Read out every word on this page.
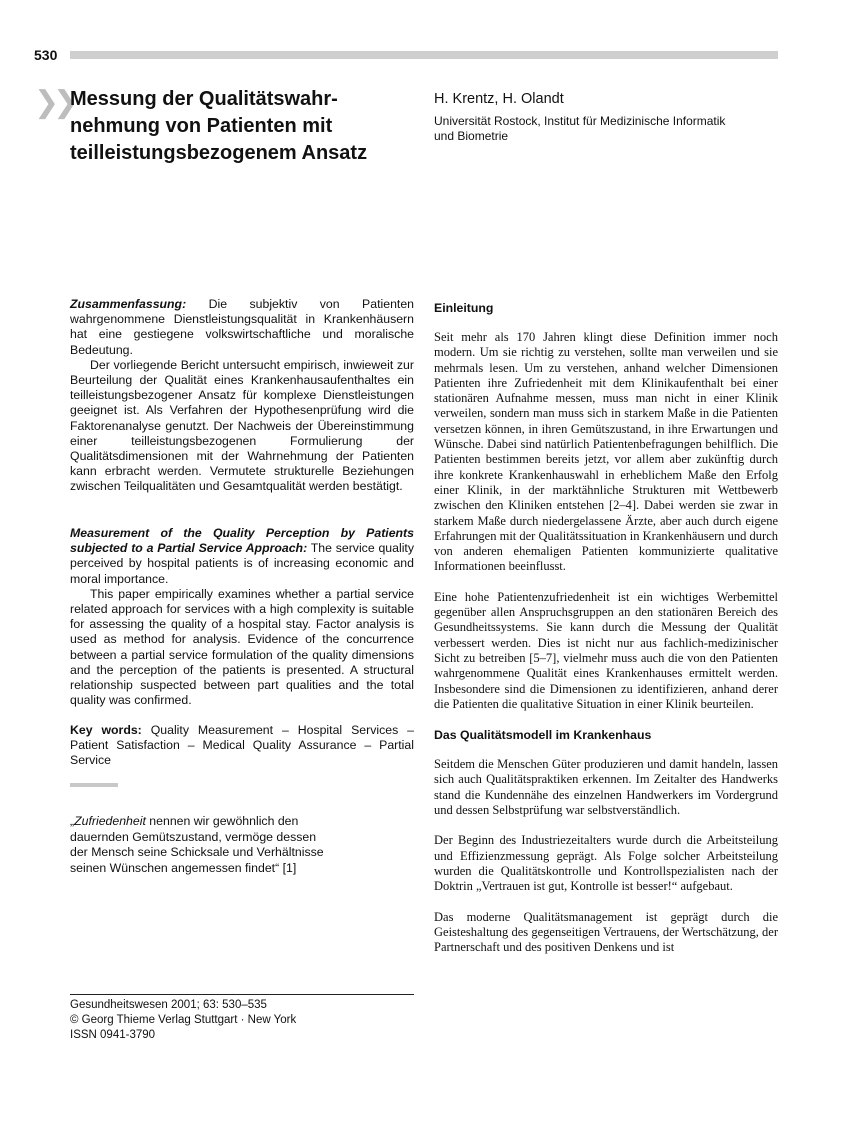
530
❯❯
Messung der Qualitätswahr-
nehmung von Patienten mit
teilleistungsbezogenem Ansatz
H. Krentz, H. Olandt
Universität Rostock, Institut für Medizinische Informatik
und Biometrie

Zusammenfassung: Die subjektiv von Patienten wahrgenommene Dienstleistungsqualität in Krankenhäusern hat eine gestiegene volkswirtschaftliche und moralische Bedeutung.

Der vorliegende Bericht untersucht empirisch, inwieweit zur Beurteilung der Qualität eines Krankenhausaufenthaltes ein teilleistungsbezogener Ansatz für komplexe Dienstleistungen geeignet ist. Als Verfahren der Hypothesenprüfung wird die Faktorenanalyse genutzt. Der Nachweis der Übereinstimmung einer teilleistungsbezogenen Formulierung der Qualitätsdimensionen mit der Wahrnehmung der Patienten kann erbracht werden. Vermutete strukturelle Beziehungen zwischen Teilqualitäten und Gesamtqualität werden bestätigt.

Measurement of the Quality Perception by Patients subjected to a Partial Service Approach: The service quality perceived by hospital patients is of increasing economic and moral importance.

This paper empirically examines whether a partial service related approach for services with a high complexity is suitable for assessing the quality of a hospital stay. Factor analysis is used as method for analysis. Evidence of the concurrence between a partial service formulation of the quality dimensions and the perception of the patients is presented. A structural relationship suspected between part qualities and the total quality was confirmed.

Key words: Quality Measurement – Hospital Services – Patient Satisfaction – Medical Quality Assurance – Partial Service

„Zufriedenheit nennen wir gewöhnlich den
dauernden Gemütszustand, vermöge dessen
der Mensch seine Schicksale und Verhältnisse
seinen Wünschen angemessen findet“ [1]
Gesundheitswesen 2001; 63: 530–535
© Georg Thieme Verlag Stuttgart · New York
ISSN 0941-3790
Einleitung

Seit mehr als 170 Jahren klingt diese Definition immer noch modern. Um sie richtig zu verstehen, sollte man verweilen und sie mehrmals lesen. Um zu verstehen, anhand welcher Dimensionen Patienten ihre Zufriedenheit mit dem Klinikaufenthalt bei einer stationären Aufnahme messen, muss man nicht in einer Klinik verweilen, sondern man muss sich in starkem Maße in die Patienten versetzen können, in ihren Gemütszustand, in ihre Erwartungen und Wünsche. Dabei sind natürlich Patientenbefragungen behilflich. Die Patienten bestimmen bereits jetzt, vor allem aber zukünftig durch ihre konkrete Krankenhauswahl in erheblichem Maße den Erfolg einer Klinik, in der marktähnliche Strukturen mit Wettbewerb zwischen den Kliniken entstehen [2–4]. Dabei werden sie zwar in starkem Maße durch niedergelassene Ärzte, aber auch durch eigene Erfahrungen mit der Qualitätssituation in Krankenhäusern und durch von anderen ehemaligen Patienten kommunizierte qualitative Informationen beeinflusst.

Eine hohe Patientenzufriedenheit ist ein wichtiges Werbemittel gegenüber allen Anspruchsgruppen an den stationären Bereich des Gesundheitssystems. Sie kann durch die Messung der Qualität verbessert werden. Dies ist nicht nur aus fachlich-medizinischer Sicht zu betreiben [5–7], vielmehr muss auch die von den Patienten wahrgenommene Qualität eines Krankenhauses ermittelt werden. Insbesondere sind die Dimensionen zu identifizieren, anhand derer die Patienten die qualitative Situation in einer Klinik beurteilen.

Das Qualitätsmodell im Krankenhaus

Seitdem die Menschen Güter produzieren und damit handeln, lassen sich auch Qualitätspraktiken erkennen. Im Zeitalter des Handwerks stand die Kundennähe des einzelnen Handwerkers im Vordergrund und dessen Selbstprüfung war selbstverständlich.

Der Beginn des Industriezeitalters wurde durch die Arbeitsteilung und Effizienzmessung geprägt. Als Folge solcher Arbeitsteilung wurden die Qualitätskontrolle und Kontrollspezialisten nach der Doktrin „Vertrauen ist gut, Kontrolle ist besser!“ aufgebaut.

Das moderne Qualitätsmanagement ist geprägt durch die Geisteshaltung des gegenseitigen Vertrauens, der Wertschätzung, der Partnerschaft und des positiven Denkens und ist
